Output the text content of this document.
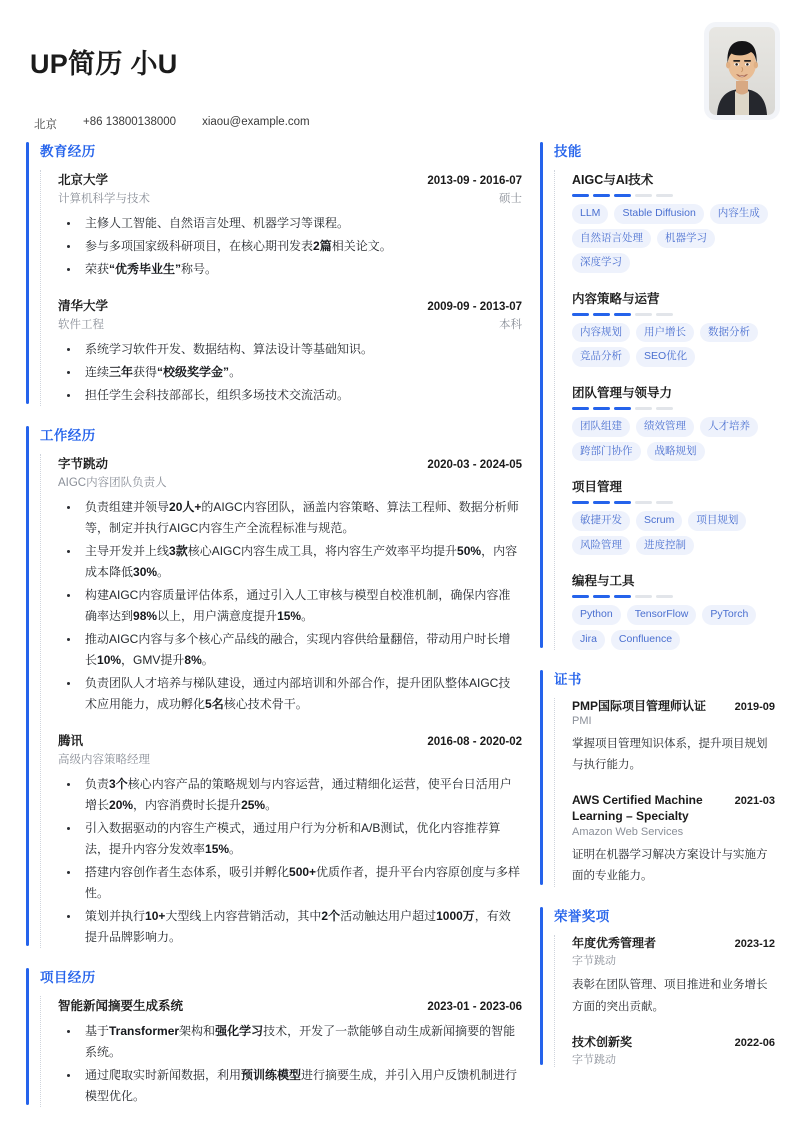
UP简历 小U
北京 +86 13800138000 xiaou@example.com
教育经历
北京大学	2013-09 - 2016-07
计算机科学与技术	硕士
主修人工智能、自然语言处理、机器学习等课程。
参与多项国家级科研项目，在核心期刊发表2篇相关论文。
荣获“优秀毕业生”称号。
清华大学	2009-09 - 2013-07
软件工程	本科
系统学习软件开发、数据结构、算法设计等基础知识。
连续三年获得“校级奖学金”。
担任学生会科技部部长，组织多场技术交流活动。
工作经历
字节跳动	2020-03 - 2024-05
AIGC内容团队负责人
负责组建并领导20人+的AIGC内容团队，涵盖内容策略、算法工程师、数据分析师等，制定并执行AIGC内容生产全流程标准与规范。
主导开发并上线3款核心AIGC内容生成工具，将内容生产效率平均提升50%，内容成本降低30%。
构建AIGC内容质量评估体系，通过引入人工审核与模型自校准机制，确保内容准确率达到98%以上，用户满意度提升15%。
推动AIGC内容与多个核心产品线的融合，实现内容供给量翻倍，带动用户时长增长10%，GMV提升8%。
负责团队人才培养与梯队建设，通过内部培训和外部合作，提升团队整体AIGC技术应用能力，成功孵化5名核心技术骨干。
腾讯	2016-08 - 2020-02
高级内容策略经理
负责3个核心内容产品的策略规划与内容运营，通过精细化运营，使平台日活用户增长20%，内容消费时长提升25%。
引入数据驱动的内容生产模式，通过用户行为分析和A/B测试，优化内容推荐算法，提升内容分发效率15%。
搭建内容创作者生态体系，吸引并孵化500+优质作者，提升平台内容原创度与多样性。
策划并执行10+大型线上内容营销活动，其中2个活动触达用户超过1000万，有效提升品牌影响力。
项目经历
智能新闻摘要生成系统	2023-01 - 2023-06
基于Transformer架构和强化学习技术，开发了一款能够自动生成新闻摘要的智能系统。
通过爬取实时新闻数据，利用预训练模型进行摘要生成，并引入用户反馈机制进行模型优化。
技能
AIGC与AI技术
LLM	Stable Diffusion	内容生成
自然语言处理	机器学习
深度学习
内容策略与运营
内容规划	用户增长	数据分析
竞品分析	SEO优化
团队管理与领导力
团队组建	绩效管理	人才培养
跨部门协作	战略规划
项目管理
敏捷开发	Scrum	项目规划
风险管理	进度控制
编程与工具
Python	TensorFlow	PyTorch
Jira	Confluence
证书
PMP国际项目管理师认证	2019-09
PMI
掌握项目管理知识体系，提升项目规划与执行能力。
AWS Certified Machine Learning – Specialty
2021-03
Amazon Web Services
证明在机器学习解决方案设计与实施方面的专业能力。
荣誉奖项
年度优秀管理者	2023-12
字节跳动
表彰在团队管理、项目推进和业务增长方面的突出贡献。
技术创新奖	2022-06
字节跳动
